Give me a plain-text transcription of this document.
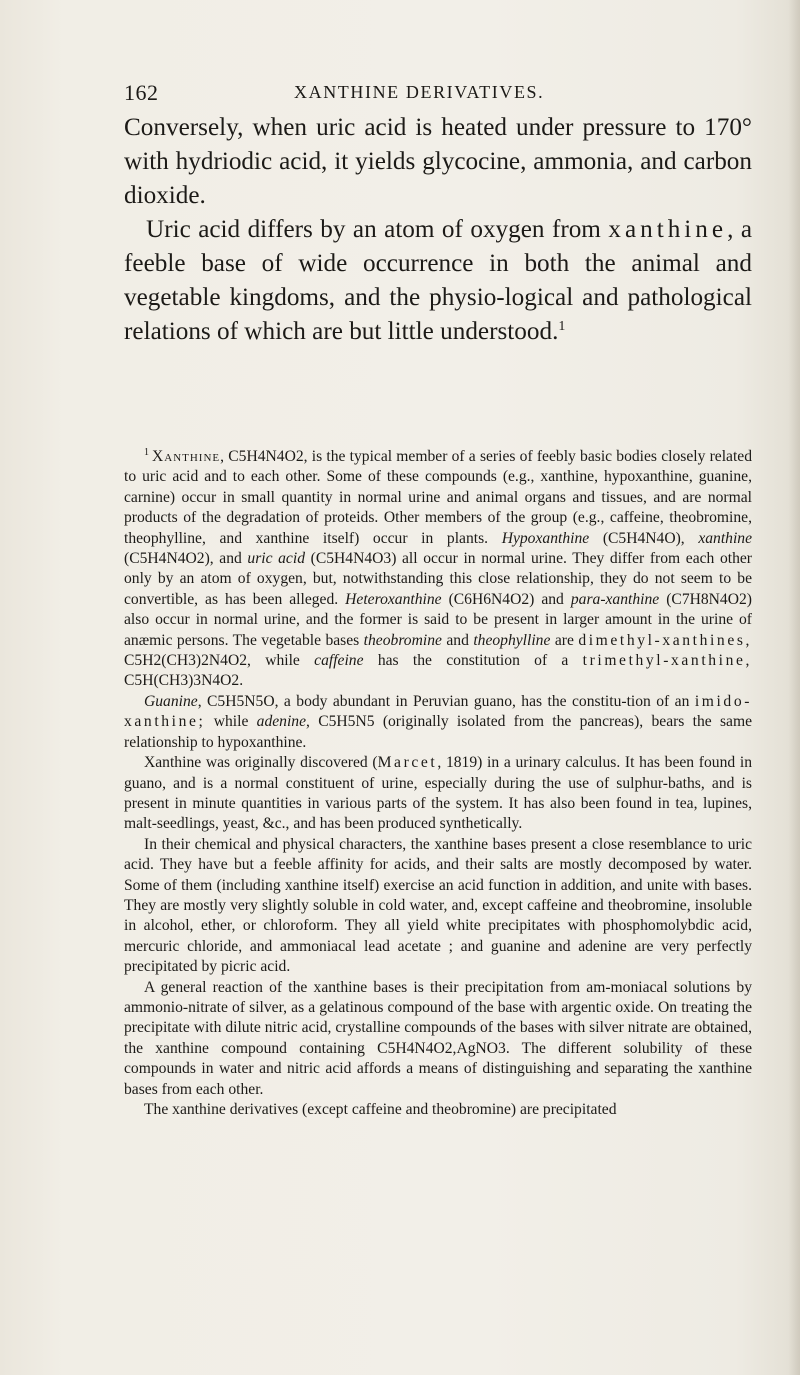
162	XANTHINE DERIVATIVES.

Conversely, when uric acid is heated under pressure to 170° with hydriodic acid, it yields glycocine, ammonia, and carbon dioxide.

Uric acid differs by an atom of oxygen from xanthine, a feeble base of wide occurrence in both the animal and vegetable kingdoms, and the physio-logical and pathological relations of which are but little understood.$^1$

$^1$ Xanthine, C5H4N4O2, is the typical member of a series of feebly basic bodies closely related to uric acid and to each other. Some of these compounds (e.g., xanthine, hypoxanthine, guanine, carnine) occur in small quantity in normal urine and animal organs and tissues, and are normal products of the degradation of proteids. Other members of the group (e.g., caffeine, theobromine, theophylline, and xanthine itself) occur in plants. Hypoxanthine (C5H4N4O), xanthine (C5H4N4O2), and uric acid (C5H4N4O3) all occur in normal urine. They differ from each other only by an atom of oxygen, but, notwithstanding this close relationship, they do not seem to be convertible, as has been alleged. Heteroxanthine (C6H6N4O2) and para-xanthine (C7H8N4O2) also occur in normal urine, and the former is said to be present in larger amount in the urine of anæmic persons. The vegetable bases theobromine and theophylline are dimethyl-xanthines, C5H2(CH3)2N4O2, while caffeine has the constitution of a trimethyl-xanthine, C5H(CH3)3N4O2.

Guanine, C5H5N5O, a body abundant in Peruvian guano, has the constitu-tion of an imido-xanthine; while adenine, C5H5N5 (originally isolated from the pancreas), bears the same relationship to hypoxanthine.

Xanthine was originally discovered (Marcet, 1819) in a urinary calculus. It has been found in guano, and is a normal constituent of urine, especially during the use of sulphur-baths, and is present in minute quantities in various parts of the system. It has also been found in tea, lupines, malt-seedlings, yeast, &c., and has been produced synthetically.

In their chemical and physical characters, the xanthine bases present a close resemblance to uric acid. They have but a feeble affinity for acids, and their salts are mostly decomposed by water. Some of them (including xanthine itself) exercise an acid function in addition, and unite with bases. They are mostly very slightly soluble in cold water, and, except caffeine and theobromine, insoluble in alcohol, ether, or chloroform. They all yield white precipitates with phosphomolybdic acid, mercuric chloride, and ammoniacal lead acetate ; and guanine and adenine are very perfectly precipitated by picric acid.

A general reaction of the xanthine bases is their precipitation from am-moniacal solutions by ammonio-nitrate of silver, as a gelatinous compound of the base with argentic oxide. On treating the precipitate with dilute nitric acid, crystalline compounds of the bases with silver nitrate are obtained, the xanthine compound containing C5H4N4O2,AgNO3. The different solubility of these compounds in water and nitric acid affords a means of distinguishing and separating the xanthine bases from each other.

The xanthine derivatives (except caffeine and theobromine) are precipitated
